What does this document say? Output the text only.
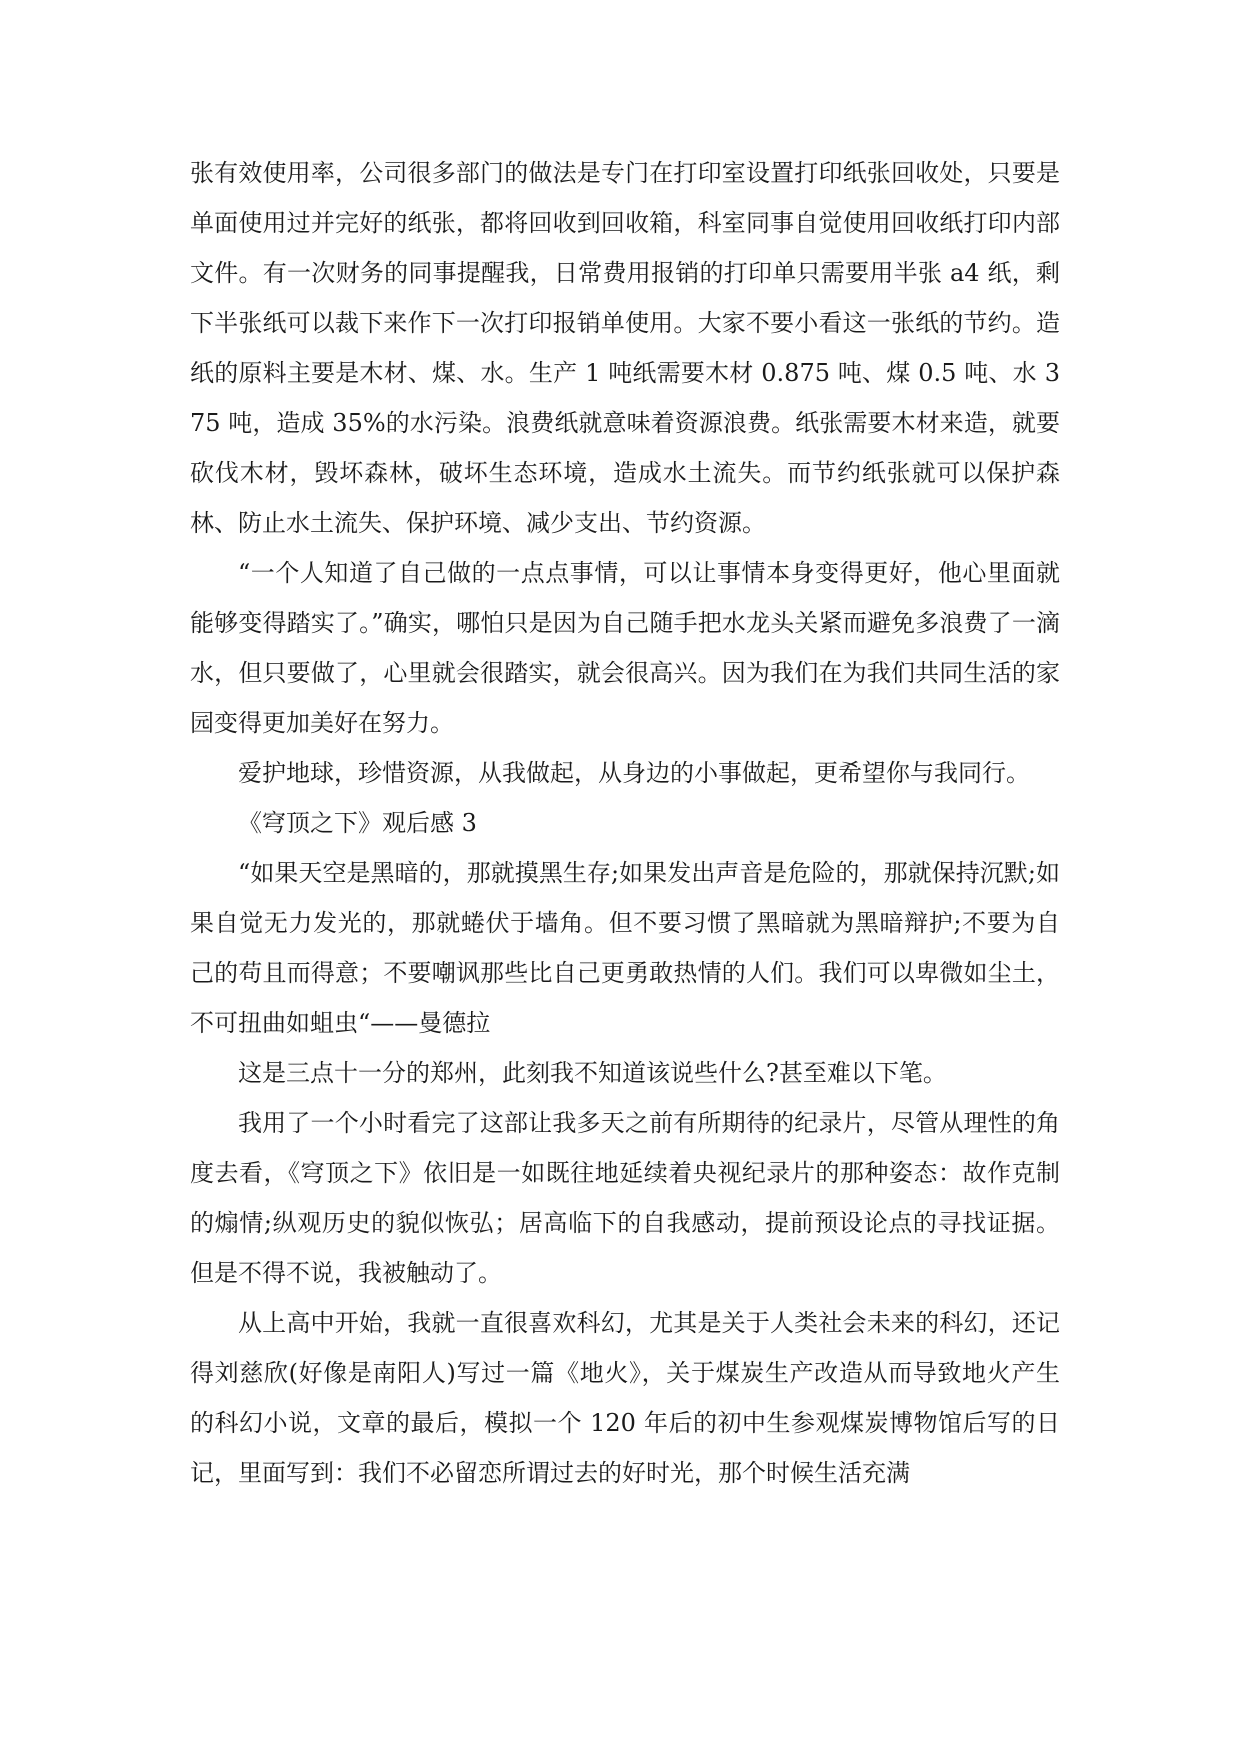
张有效使用率，公司很多部门的做法是专门在打印室设置打印纸张回收处，只要是单面使用过并完好的纸张，都将回收到回收箱，科室同事自觉使用回收纸打印内部文件。有一次财务的同事提醒我，日常费用报销的打印单只需要用半张 a4 纸，剩下半张纸可以裁下来作下一次打印报销单使用。大家不要小看这一张纸的节约。造纸的原料主要是木材、煤、水。生产 1 吨纸需要木材 0.875 吨、煤 0.5 吨、水 375 吨，造成 35%的水污染。浪费纸就意味着资源浪费。纸张需要木材来造，就要砍伐木材，毁坏森林，破坏生态环境，造成水土流失。而节约纸张就可以保护森林、防止水土流失、保护环境、减少支出、节约资源。

“一个人知道了自己做的一点点事情，可以让事情本身变得更好，他心里面就能够变得踏实了。”确实，哪怕只是因为自己随手把水龙头关紧而避免多浪费了一滴水，但只要做了，心里就会很踏实，就会很高兴。因为我们在为我们共同生活的家园变得更加美好在努力。

爱护地球，珍惜资源，从我做起，从身边的小事做起，更希望你与我同行。

《穹顶之下》观后感 3

“如果天空是黑暗的，那就摸黑生存;如果发出声音是危险的，那就保持沉默;如果自觉无力发光的，那就蜷伏于墙角。但不要习惯了黑暗就为黑暗辩护;不要为自己的苟且而得意；不要嘲讽那些比自己更勇敢热情的人们。我们可以卑微如尘土，不可扭曲如蛆虫“——曼德拉

这是三点十一分的郑州，此刻我不知道该说些什么?甚至难以下笔。

我用了一个小时看完了这部让我多天之前有所期待的纪录片，尽管从理性的角度去看，《穹顶之下》依旧是一如既往地延续着央视纪录片的那种姿态：故作克制的煽情;纵观历史的貌似恢弘；居高临下的自我感动，提前预设论点的寻找证据。但是不得不说，我被触动了。

从上高中开始，我就一直很喜欢科幻，尤其是关于人类社会未来的科幻，还记得刘慈欣(好像是南阳人)写过一篇《地火》，关于煤炭生产改造从而导致地火产生的科幻小说，文章的最后，模拟一个 120 年后的初中生参观煤炭博物馆后写的日记，里面写到：我们不必留恋所谓过去的好时光，那个时候生活充满
